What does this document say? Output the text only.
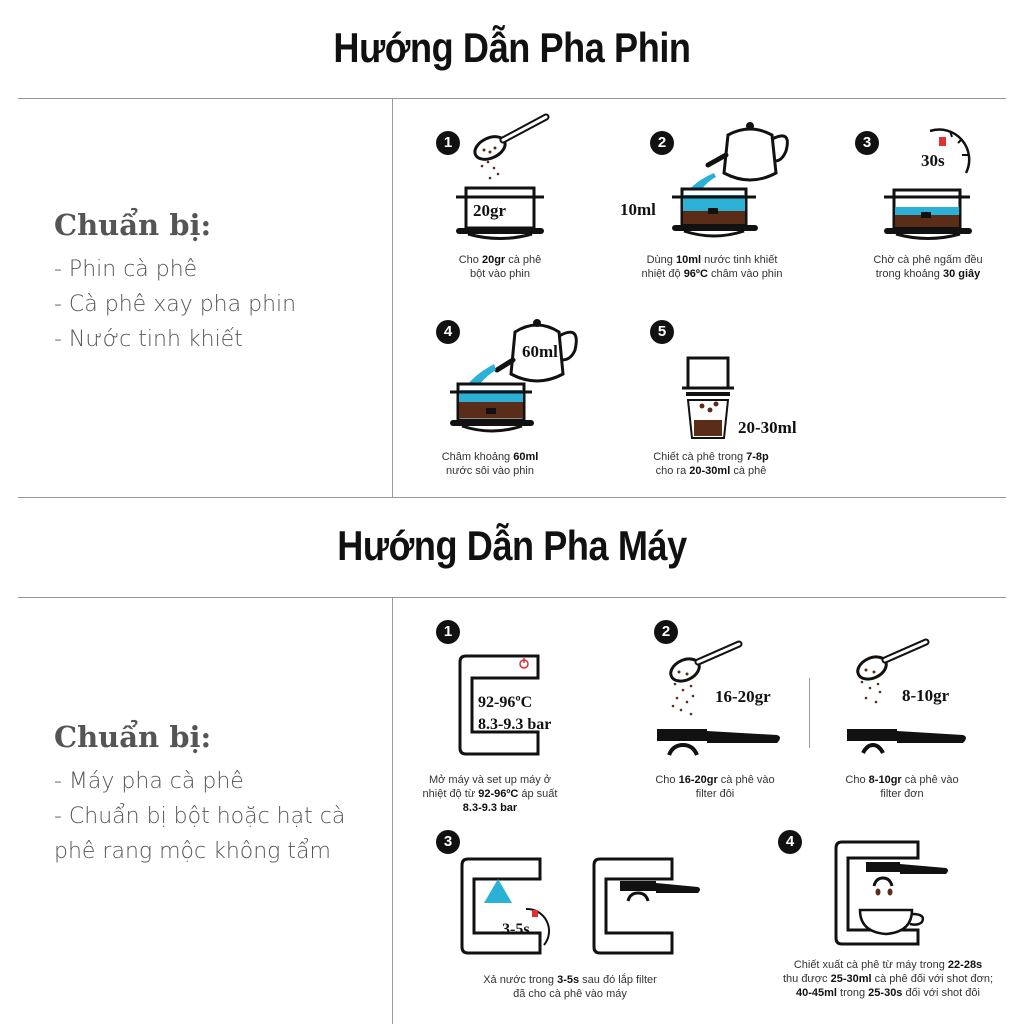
Hướng Dẫn Pha Phin
Chuẩn bị:
- Phin cà phê
- Cà phê xay pha phin
- Nước tinh khiết
1
20gr
Cho 20gr cà phê
bột vào phin
2
10ml
Dùng 10ml nước tinh khiết
nhiệt độ 96ºC châm vào phin
3
30s
Chờ cà phê ngấm đều
trong khoảng 30 giây
4
60ml
Châm khoảng 60ml
nước sôi vào phin
5
20-30ml
Chiết cà phê trong 7-8p
cho ra 20-30ml cà phê
Hướng Dẫn Pha Máy
Chuẩn bị:
- Máy pha cà phê
- Chuẩn bị bột hoặc hạt cà
phê rang mộc không tẩm
1
92-96ºC
8.3-9.3 bar
Mở máy và set up máy ở
nhiệt độ từ 92-96ºC áp suất
8.3-9.3 bar
2
16-20gr
Cho 16-20gr cà phê vào
filter đôi
8-10gr
Cho 8-10gr cà phê vào
filter đơn
3
3-5s
Xả nước trong 3-5s sau đó lắp filter
đã cho cà phê vào máy
4
Chiết xuất cà phê từ máy trong 22-28s
thu được 25-30ml cà phê đối với shot đơn;
40-45ml trong 25-30s đối với shot đôi
